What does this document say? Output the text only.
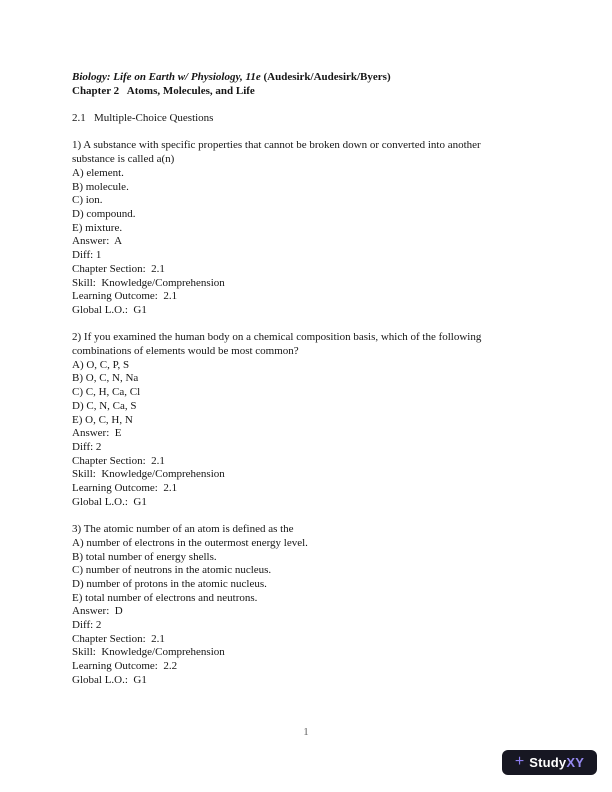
Biology: Life on Earth w/ Physiology, 11e (Audesirk/Audesirk/Byers)
Chapter 2   Atoms, Molecules, and Life
2.1   Multiple-Choice Questions
1) A substance with specific properties that cannot be broken down or converted into another
substance is called a(n)
A) element.
B) molecule.
C) ion.
D) compound.
E) mixture.
Answer:  A
Diff: 1
Chapter Section:  2.1
Skill:  Knowledge/Comprehension
Learning Outcome:  2.1
Global L.O.:  G1
2) If you examined the human body on a chemical composition basis, which of the following
combinations of elements would be most common?
A) O, C, P, S
B) O, C, N, Na
C) C, H, Ca, Cl
D) C, N, Ca, S
E) O, C, H, N
Answer:  E
Diff: 2
Chapter Section:  2.1
Skill:  Knowledge/Comprehension
Learning Outcome:  2.1
Global L.O.:  G1
3) The atomic number of an atom is defined as the
A) number of electrons in the outermost energy level.
B) total number of energy shells.
C) number of neutrons in the atomic nucleus.
D) number of protons in the atomic nucleus.
E) total number of electrons and neutrons.
Answer:  D
Diff: 2
Chapter Section:  2.1
Skill:  Knowledge/Comprehension
Learning Outcome:  2.2
Global L.O.:  G1
1
+ Study XY
